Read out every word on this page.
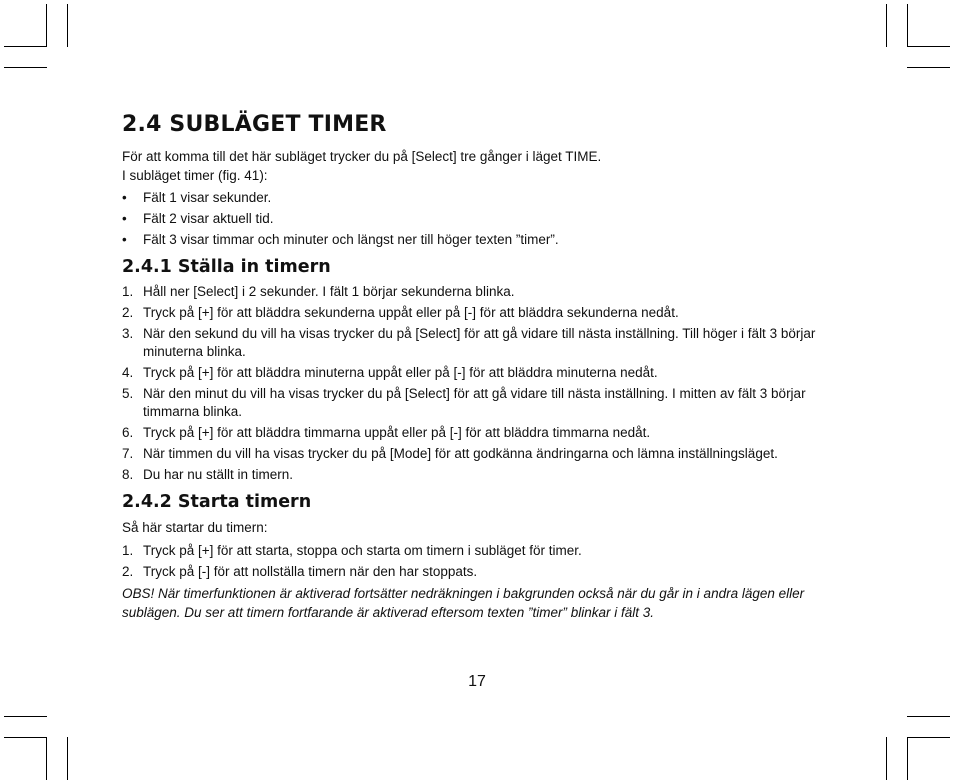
2.4 SUBLÄGET TIMER

För att komma till det här subläget trycker du på [Select] tre gånger i läget TIME.

I subläget timer (fig. 41):

•	Fält 1 visar sekunder.
•	Fält 2 visar aktuell tid.
•	Fält 3 visar timmar och minuter och längst ner till höger texten ”timer”.
2.4.1 Ställa in timern
1. Håll ner [Select] i 2 sekunder. I fält 1 börjar sekunderna blinka.
2. Tryck på [+] för att bläddra sekunderna uppåt eller på [-] för att bläddra sekunderna nedåt.
3. När den sekund du vill ha visas trycker du på [Select] för att gå vidare till nästa inställning. Till höger i fält 3 börjar minuterna blinka.
4. Tryck på [+] för att bläddra minuterna uppåt eller på [-] för att bläddra minuterna nedåt.
5. När den minut du vill ha visas trycker du på [Select] för att gå vidare till nästa inställning. I mitten av fält 3 börjar timmarna blinka.
6. Tryck på [+] för att bläddra timmarna uppåt eller på [-] för att bläddra timmarna nedåt.
7. När timmen du vill ha visas trycker du på [Mode] för att godkänna ändringarna och lämna inställningsläget.
8. Du har nu ställt in timern.
2.4.2 Starta timern

Så här startar du timern:

1. Tryck på [+] för att starta, stoppa och starta om timern i subläget för timer.
2. Tryck på [-] för att nollställa timern när den har stoppats.

OBS! När timerfunktionen är aktiverad fortsätter nedräkningen i bakgrunden också när du går in i andra lägen eller sublägen. Du ser att timern fortfarande är aktiverad eftersom texten ”timer” blinkar i fält 3.

17
